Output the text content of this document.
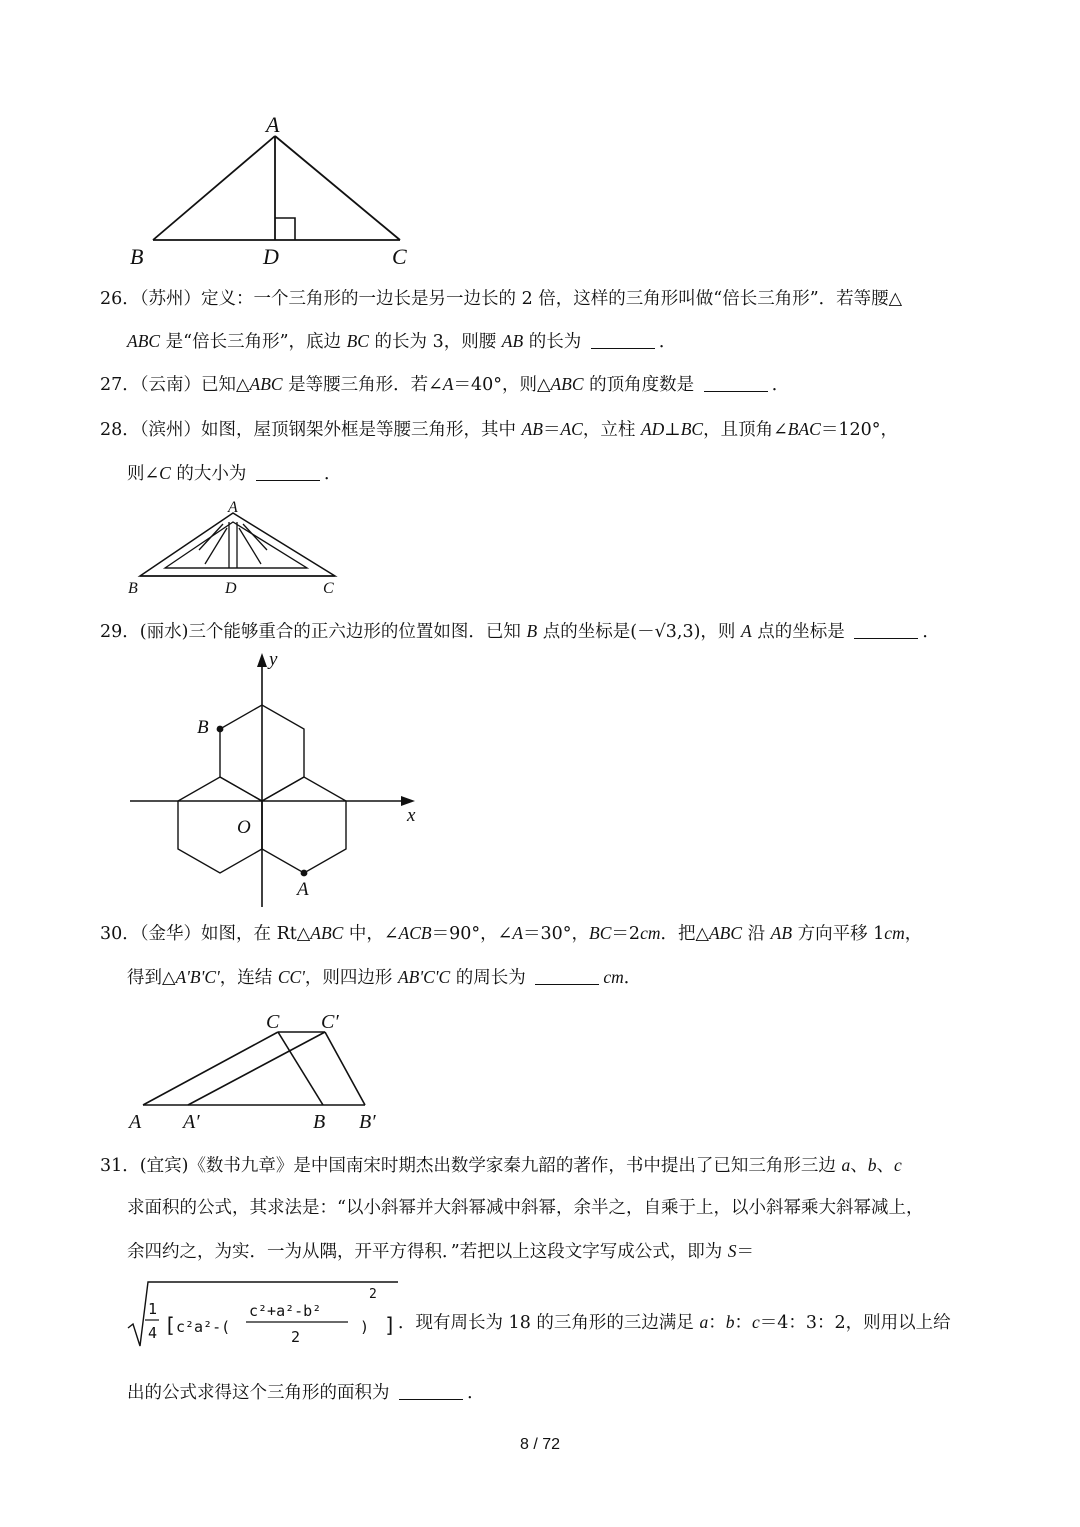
A
B	D	C
26．（苏州）定义：一个三角形的一边长是另一边长的 2 倍，这样的三角形叫做“倍长三角形”．若等腰△
ABC 是“倍长三角形”，底边 BC 的长为 3，则腰 AB 的长为	．
27．（云南）已知△ABC 是等腰三角形．若∠A＝40°，则△ABC 的顶角度数是	．
28．（滨州）如图，屋顶钢架外框是等腰三角形，其中 AB＝AC，立柱 AD⊥BC，且顶角∠BAC＝120°，
则∠C 的大小为	．
A
B	D	C
29．(丽水)三个能够重合的正六边形的位置如图．已知 B 点的坐标是(－√3,3)，则 A 点的坐标是	．
y
x
O
B
A
30．（金华）如图，在 Rt△ABC 中，∠ACB＝90°，∠A＝30°，BC＝2cm．把△ABC 沿 AB 方向平移 1cm，
得到△A'B'C'，连结 CC'，则四边形 AB'C'C 的周长为	cm．
C C′
A A′	B B′
31．(宜宾)《数书九章》是中国南宋时期杰出数学家秦九韶的著作，书中提出了已知三角形三边 a、b、c
求面积的公式，其求法是：“以小斜幂并大斜幂减中斜幂，余半之，自乘于上，以小斜幂乘大斜幂减上，
余四约之，为实．一为从隅，开平方得积．”若把以上这段文字写成公式，即为 S＝
．现有周长为 18 的三角形的三边满足 a：b：c＝4：3：2，则用以上给
出的公式求得这个三角形的面积为	．
1
4 [ c²a²-(
c²+a²-b²
2
)
2
]
8 / 72
